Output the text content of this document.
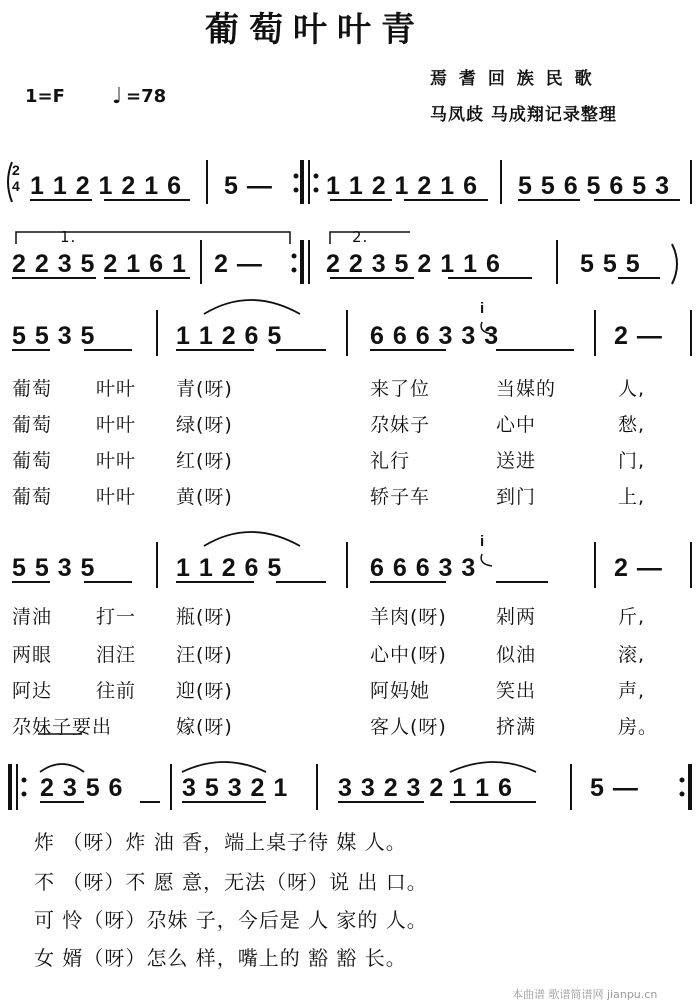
葡萄叶叶青
1=F ♩ =78
焉 耆 回 族 民 歌
马凤歧 马成翔记录整理
2
4 1 1 2 1 2 1 6 5 — 1 1 2 1 2 1 6 5 5 6 5 6 5 3
1.	2.
2 2 3 5 2 1 6 1 2 —	2 2 3 5 2 1 1 6	5 5 5
5 5 3 5	1 1 2 6 5
i
6 6 6 3 3 3	2 —
葡萄 叶叶 青(呀)	来了位	当媒的	人,
葡萄 叶叶 绿(呀)	尕妹子	心中	愁,
葡萄 叶叶 红(呀)	礼行	送进	门,
葡萄 叶叶 黄(呀)	轿子车	到门	上,
5 5 3 5	1 1 2 6 5
i
6 6 6 3 3	2 —
清油 打一 瓶(呀)	羊肉(呀)	剁两	斤,
两眼 泪汪 汪(呀)	心中(呀)	似油	滚,
阿达 往前 迎(呀)	阿妈她	笑出	声,
尕妹子要出	嫁(呀)	客人(呀)	挤满	房。
2 3 5 6 3 5 3 2 1 3 3 2 3 2 1 1 6	5 —
炸 （呀）炸 油 香，端上桌子待 媒 人。
不 （呀）不 愿 意，无法（呀）说 出 口。
可 怜（呀）尕妹 子，今后是 人 家的 人。
女 婿（呀）怎么 样，嘴上的 豁 豁 长。
本曲谱 歌谱简谱网 jianpu.cn
